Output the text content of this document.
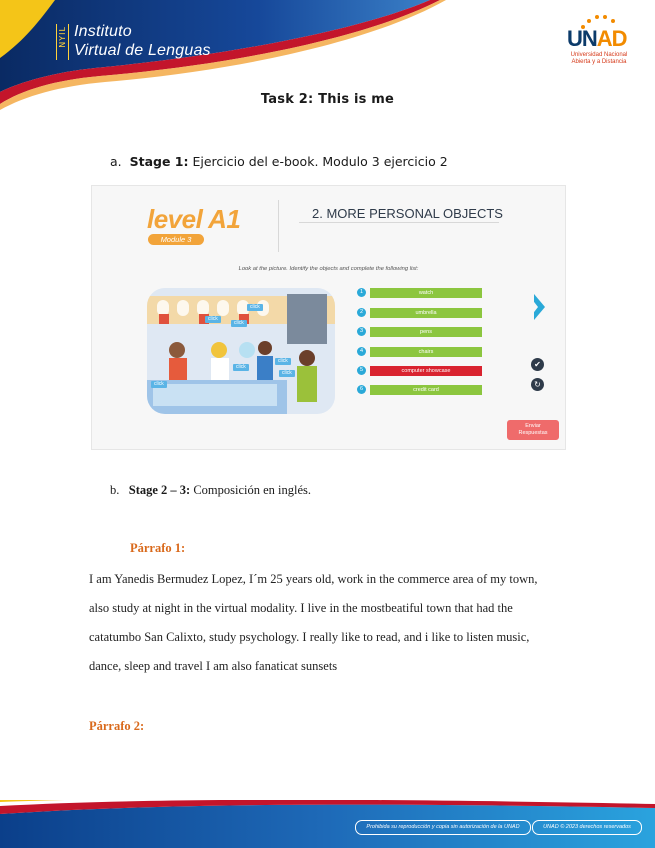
NYIL Instituto
Virtual de Lenguas	UNAD
Universidad Nacional
Abierta y a Distancia
Task 2: This is me
a. Stage 1: Ejercicio del e-book. Modulo 3 ejercicio 2
level A1
Module 3
2. MORE PERSONAL OBJECTS
Look at the picture. Identify the objects and complete the following list:
click
click
click
click
click
click
click
1	watch
2	umbrella
3	pens
4	chairs
5	computer showcase
6	credit card
✔
↻
Enviar
Respuestas
b. Stage 2 – 3: Composición en inglés.
Párrafo 1:
I am Yanedis Bermudez Lopez, I´m 25 years old, work in the commerce area of my town,
also study at night in the virtual modality. I live in the mostbeatiful town that had the
catatumbo San Calixto, study psychology. I really like to read, and i like to listen music,
dance, sleep and travel I am also fanaticat sunsets
Párrafo 2:
Prohibida su reproducción y copia sin autorización de la UNAD	UNAD © 2023 derechos reservados
